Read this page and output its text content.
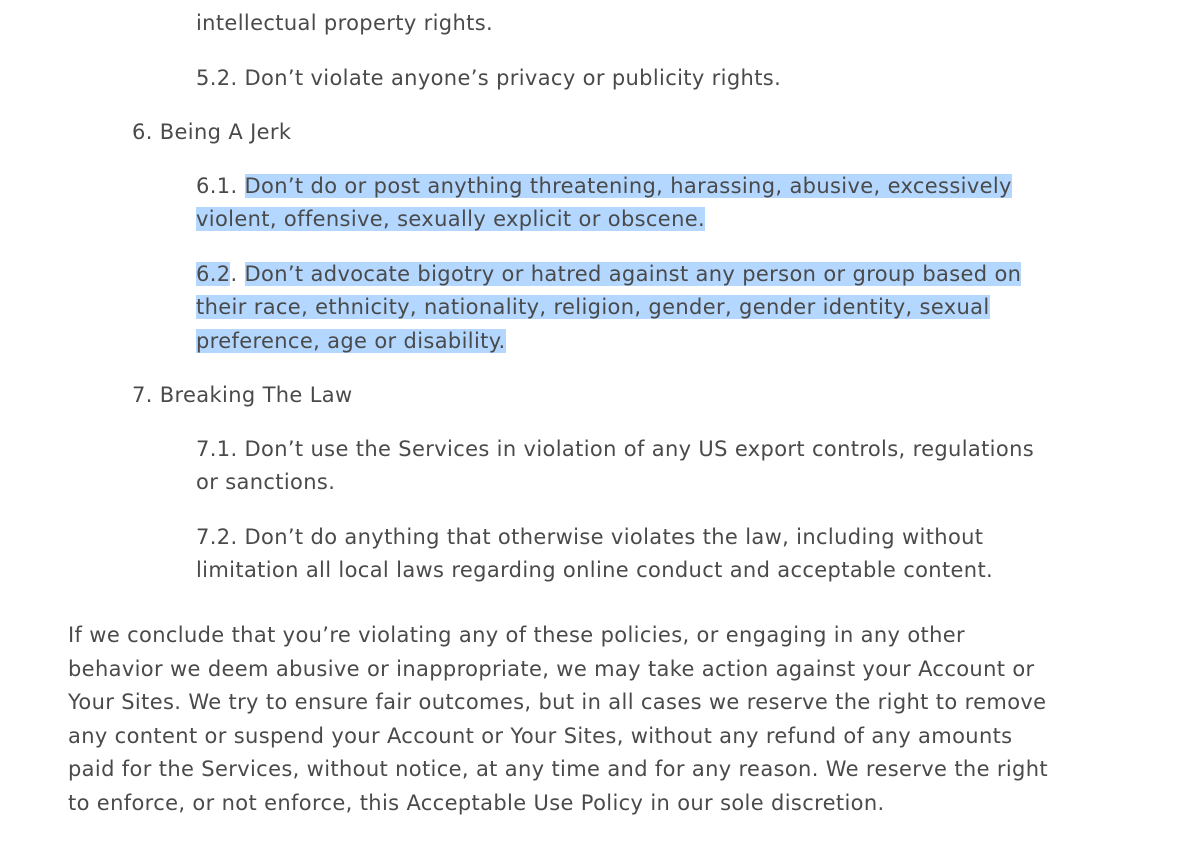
intellectual property rights.
5.2. Don’t violate anyone’s privacy or publicity rights.
6. Being A Jerk
6.1. Don’t do or post anything threatening, harassing, abusive, excessively
violent, offensive, sexually explicit or obscene.
6.2. Don’t advocate bigotry or hatred against any person or group based on
their race, ethnicity, nationality, religion, gender, gender identity, sexual
preference, age or disability.
7. Breaking The Law
7.1. Don’t use the Services in violation of any US export controls, regulations
or sanctions.
7.2. Don’t do anything that otherwise violates the law, including without
limitation all local laws regarding online conduct and acceptable content.
If we conclude that you’re violating any of these policies, or engaging in any other
behavior we deem abusive or inappropriate, we may take action against your Account or
Your Sites. We try to ensure fair outcomes, but in all cases we reserve the right to remove
any content or suspend your Account or Your Sites, without any refund of any amounts
paid for the Services, without notice, at any time and for any reason. We reserve the right
to enforce, or not enforce, this Acceptable Use Policy in our sole discretion.
